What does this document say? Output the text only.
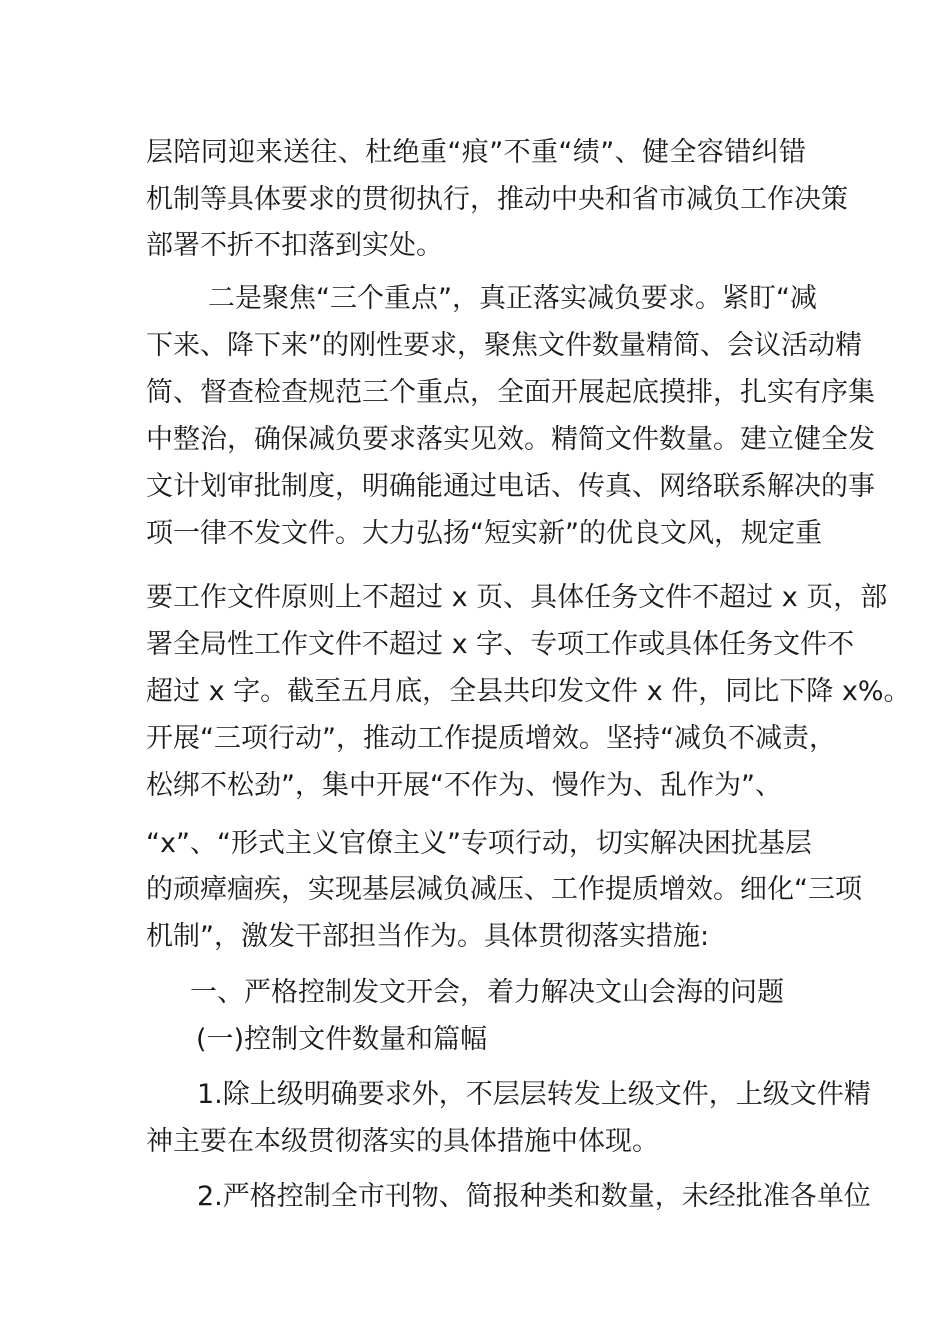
层陪同迎来送往、杜绝重“痕”不重“绩”、健全容错纠错
机制等具体要求的贯彻执行，推动中央和省市减负工作决策
部署不折不扣落到实处。
二是聚焦“三个重点”，真正落实减负要求。紧盯“减
下来、降下来”的刚性要求，聚焦文件数量精简、会议活动精
简、督查检查规范三个重点，全面开展起底摸排，扎实有序集
中整治，确保减负要求落实见效。精简文件数量。建立健全发
文计划审批制度，明确能通过电话、传真、网络联系解决的事
项一律不发文件。大力弘扬“短实新”的优良文风，规定重
要工作文件原则上不超过 x 页、具体任务文件不超过 x 页，部
署全局性工作文件不超过 x 字、专项工作或具体任务文件不
超过 x 字。截至五月底，全县共印发文件 x 件，同比下降 x%。
开展“三项行动”，推动工作提质增效。坚持“减负不减责，
松绑不松劲”，集中开展“不作为、慢作为、乱作为”、
“x”、“形式主义官僚主义”专项行动，切实解决困扰基层
的顽瘴痼疾，实现基层减负减压、工作提质增效。细化“三项
机制”，激发干部担当作为。具体贯彻落实措施:
一、严格控制发文开会，着力解决文山会海的问题
(一)控制文件数量和篇幅
1.除上级明确要求外，不层层转发上级文件，上级文件精
神主要在本级贯彻落实的具体措施中体现。
2.严格控制全市刊物、简报种类和数量，未经批准各单位
